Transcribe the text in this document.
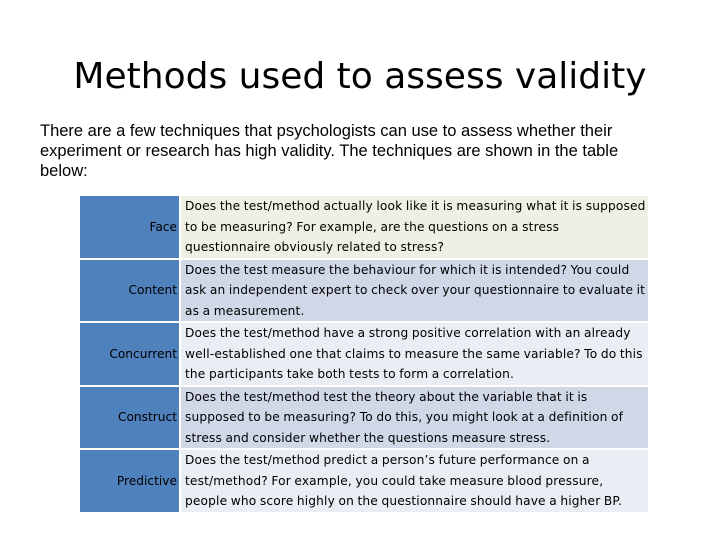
Methods used to assess validity

There are a few techniques that psychologists can use to assess whether their experiment or research has high validity. The techniques are shown in the table below:

Face	Does the test/method actually look like it is measuring what it is supposed to be measuring? For example, are the questions on a stress questionnaire obviously related to stress?
Content	Does the test measure the behaviour for which it is intended? You could ask an independent expert to check over your questionnaire to evaluate it as a measurement.
Concurrent	Does the test/method have a strong positive correlation with an already well-established one that claims to measure the same variable? To do this the participants take both tests to form a correlation.
Construct	Does the test/method test the theory about the variable that it is supposed to be measuring? To do this, you might look at a definition of stress and consider whether the questions measure stress.
Predictive	Does the test/method predict a person’s future performance on a test/method? For example, you could take measure blood pressure, people who score highly on the questionnaire should have a higher BP.
